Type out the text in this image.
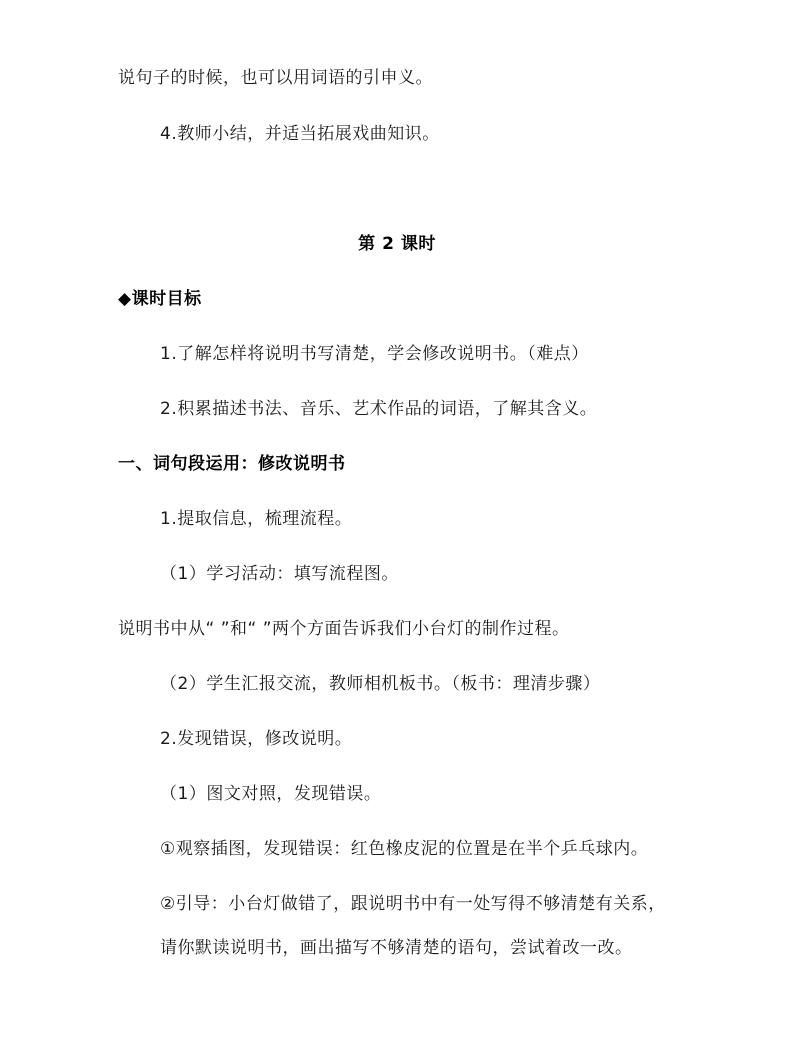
说句子的时候，也可以用词语的引申义。
4.教师小结，并适当拓展戏曲知识。
第 2 课时
◆课时目标
1.了解怎样将说明书写清楚，学会修改说明书。（难点）
2.积累描述书法、音乐、艺术作品的词语，了解其含义。
一、词句段运用：修改说明书
1.提取信息，梳理流程。
（1）学习活动：填写流程图。
说明书中从“ ”和“ ”两个方面告诉我们小台灯的制作过程。
（2）学生汇报交流，教师相机板书。（板书：理清步骤）
2.发现错误，修改说明。
（1）图文对照，发现错误。
①观察插图，发现错误：红色橡皮泥的位置是在半个乒乓球内。
②引导：小台灯做错了，跟说明书中有一处写得不够清楚有关系，
请你默读说明书，画出描写不够清楚的语句，尝试着改一改。
